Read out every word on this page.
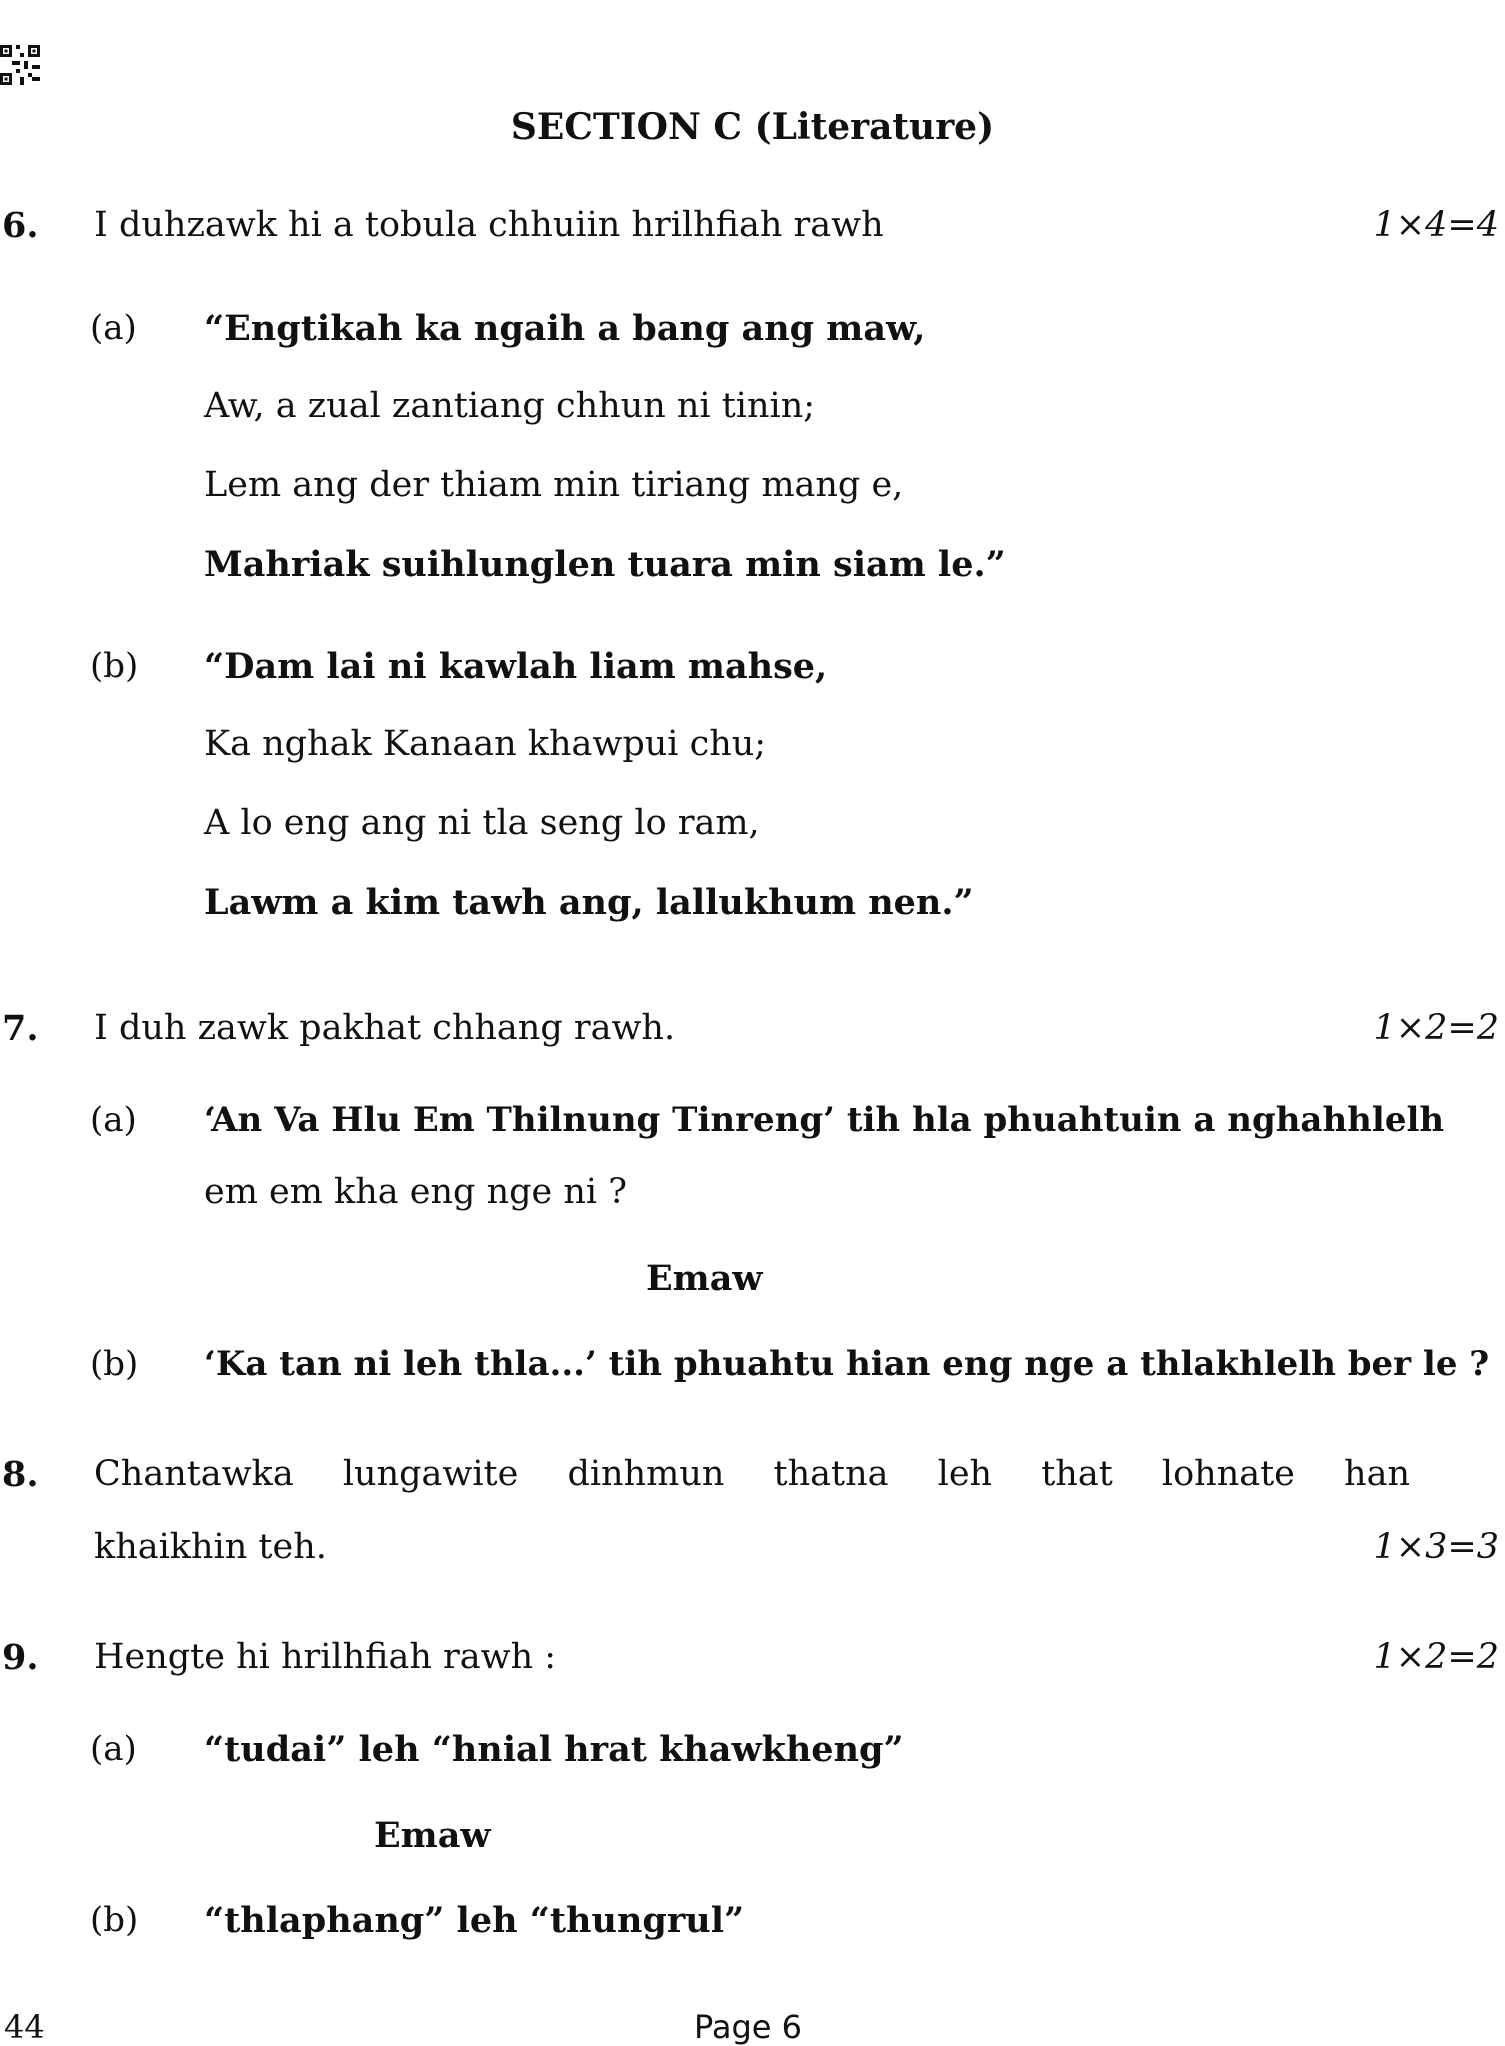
SECTION C (Literature)
6. I duhzawk hi a tobula chhuiin hrilhfiah rawh	1×4=4
(a) “Engtikah ka ngaih a bang ang maw,
Aw, a zual zantiang chhun ni tinin;
Lem ang der thiam min tiriang mang e,
Mahriak suihlunglen tuara min siam le.”
(b) “Dam lai ni kawlah liam mahse,
Ka nghak Kanaan khawpui chu;
A lo eng ang ni tla seng lo ram,
Lawm a kim tawh ang, lallukhum nen.”
7. I duh zawk pakhat chhang rawh.	1×2=2
(a) ‘An Va Hlu Em Thilnung Tinreng’ tih hla phuahtuin a nghahhlelh
em em kha eng nge ni ?
Emaw
(b) ‘Ka tan ni leh thla...’ tih phuahtu hian eng nge a thlakhlelh ber le ?
8. Chantawka lungawite dinhmun thatna leh that lohnate han
khaikhin teh.	1×3=3
9. Hengte hi hrilhfiah rawh :	1×2=2
(a) “tudai” leh “hnial hrat khawkheng”
Emaw
(b) “thlaphang” leh “thungrul”
44	Page 6
